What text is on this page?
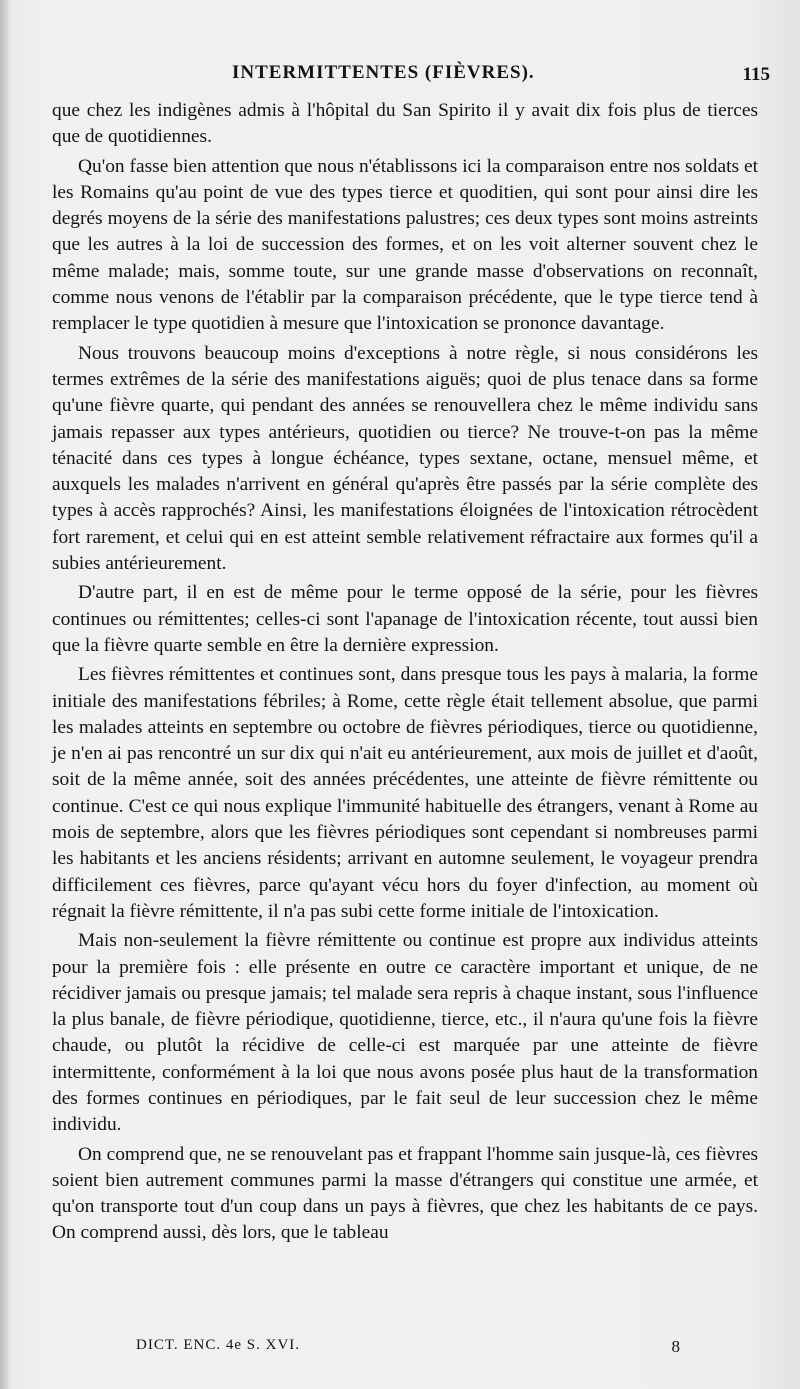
INTERMITTENTES (FIÈVRES).	115

que chez les indigènes admis à l'hôpital du San Spirito il y avait dix fois plus de tierces que de quotidiennes.

Qu'on fasse bien attention que nous n'établissons ici la comparaison entre nos soldats et les Romains qu'au point de vue des types tierce et quoditien, qui sont pour ainsi dire les degrés moyens de la série des manifestations palustres; ces deux types sont moins astreints que les autres à la loi de succession des formes, et on les voit alterner souvent chez le même malade; mais, somme toute, sur une grande masse d'observations on reconnaît, comme nous venons de l'établir par la comparaison précédente, que le type tierce tend à remplacer le type quotidien à mesure que l'intoxication se prononce davantage.

Nous trouvons beaucoup moins d'exceptions à notre règle, si nous considérons les termes extrêmes de la série des manifestations aiguës; quoi de plus tenace dans sa forme qu'une fièvre quarte, qui pendant des années se renouvellera chez le même individu sans jamais repasser aux types antérieurs, quotidien ou tierce? Ne trouve-t-on pas la même ténacité dans ces types à longue échéance, types sextane, octane, mensuel même, et auxquels les malades n'arrivent en général qu'après être passés par la série complète des types à accès rapprochés? Ainsi, les manifestations éloignées de l'intoxication rétrocèdent fort rarement, et celui qui en est atteint semble relativement réfractaire aux formes qu'il a subies antérieurement.

D'autre part, il en est de même pour le terme opposé de la série, pour les fièvres continues ou rémittentes; celles-ci sont l'apanage de l'intoxication récente, tout aussi bien que la fièvre quarte semble en être la dernière expression.

Les fièvres rémittentes et continues sont, dans presque tous les pays à malaria, la forme initiale des manifestations fébriles; à Rome, cette règle était tellement absolue, que parmi les malades atteints en septembre ou octobre de fièvres périodiques, tierce ou quotidienne, je n'en ai pas rencontré un sur dix qui n'ait eu antérieurement, aux mois de juillet et d'août, soit de la même année, soit des années précédentes, une atteinte de fièvre rémittente ou continue. C'est ce qui nous explique l'immunité habituelle des étrangers, venant à Rome au mois de septembre, alors que les fièvres périodiques sont cependant si nombreuses parmi les habitants et les anciens résidents; arrivant en automne seulement, le voyageur prendra difficilement ces fièvres, parce qu'ayant vécu hors du foyer d'infection, au moment où régnait la fièvre rémittente, il n'a pas subi cette forme initiale de l'intoxication.

Mais non-seulement la fièvre rémittente ou continue est propre aux individus atteints pour la première fois : elle présente en outre ce caractère important et unique, de ne récidiver jamais ou presque jamais; tel malade sera repris à chaque instant, sous l'influence la plus banale, de fièvre périodique, quotidienne, tierce, etc., il n'aura qu'une fois la fièvre chaude, ou plutôt la récidive de celle-ci est marquée par une atteinte de fièvre intermittente, conformément à la loi que nous avons posée plus haut de la transformation des formes continues en périodiques, par le fait seul de leur succession chez le même individu.

On comprend que, ne se renouvelant pas et frappant l'homme sain jusque-là, ces fièvres soient bien autrement communes parmi la masse d'étrangers qui constitue une armée, et qu'on transporte tout d'un coup dans un pays à fièvres, que chez les habitants de ce pays. On comprend aussi, dès lors, que le tableau

DICT. ENC. 4e S. XVI.	8
